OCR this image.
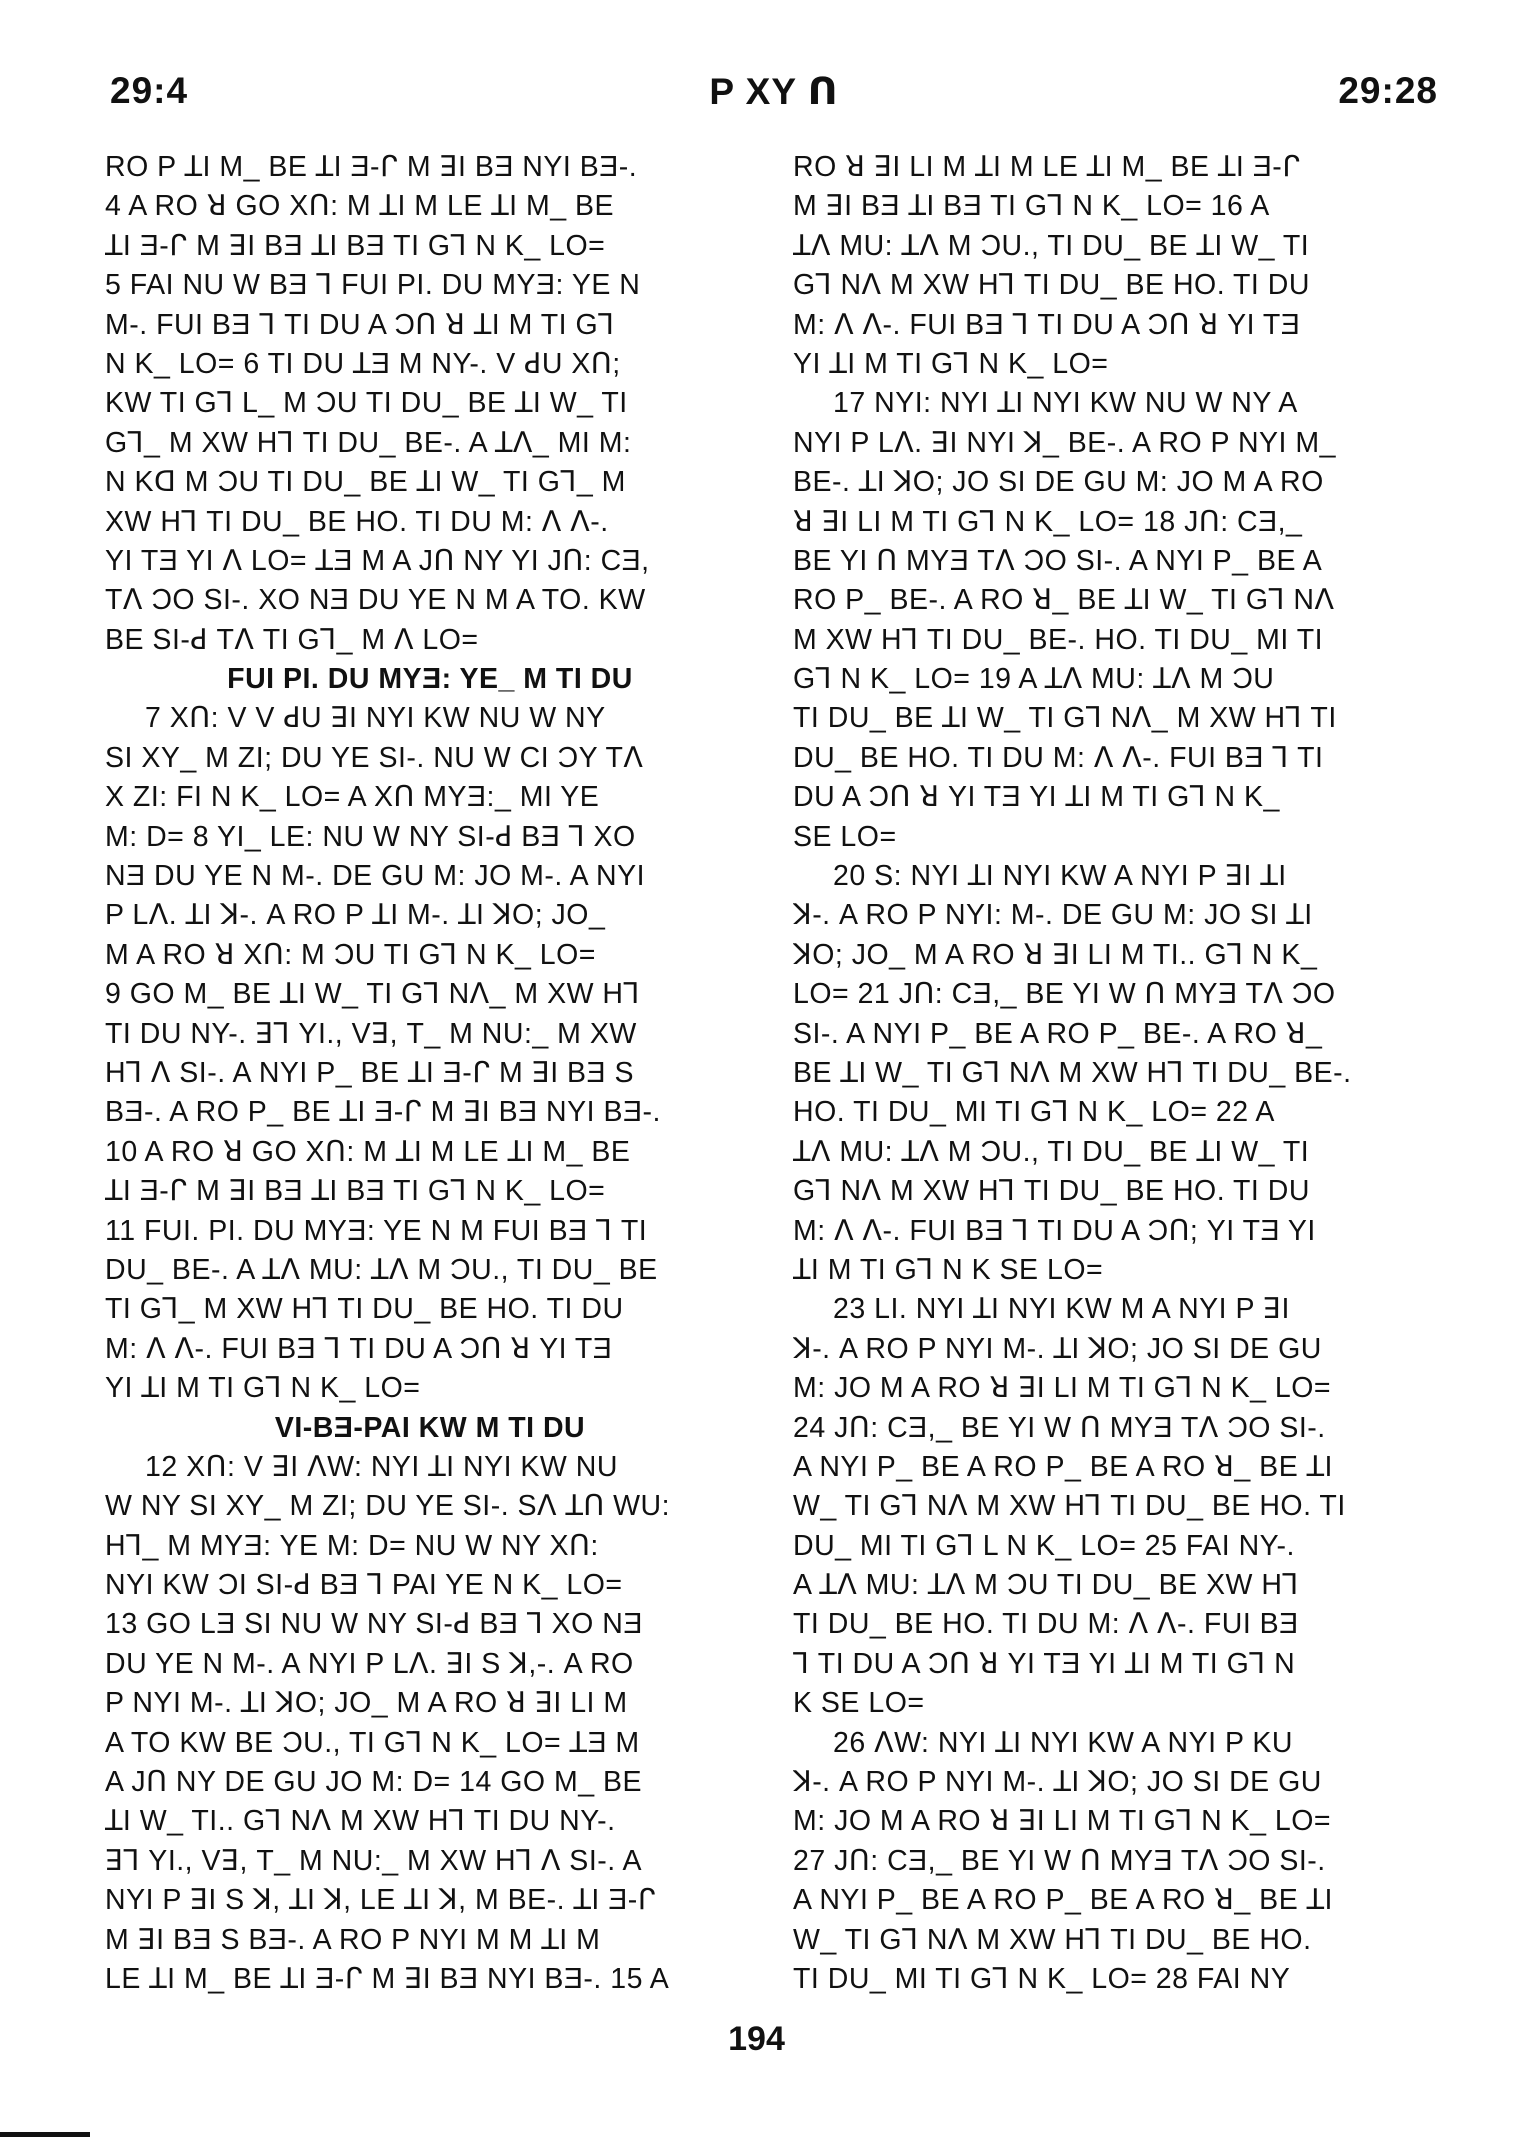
29:4	P XY ꓵ	29:28
RO P ꓕI M_ BE ꓕI Ǝ-ᒋ M ꓱI BƎ NYI BƎ-.
4 A RO ꓤ GO Xꓵ: M ꓕI M LE ꓕI M_ BE
ꓕI Ǝ-ᒋ M ꓱI BƎ ꓕI BƎ TI Gꓶ N K_ LO=
5 FAI NU W BƎ ꓶ FUI PI. DU MYƎ: YE N
M-. FUI BƎ ꓶ TI DU A Ɔꓵ ꓤ ꓕI M TI Gꓶ
N K_ LO= 6 TI DU ꓕƎ M NY-. V ꓒU Xꓵ;
KW TI Gꓶ L_ M ƆU TI DU_ BE ꓕI W_ TI
Gꓶ_ M XW Hꓶ TI DU_ BE-. A ꓕꓥ_ MI M:
N Kꓷ M ƆU TI DU_ BE ꓕI W_ TI Gꓶ_ M
XW Hꓶ TI DU_ BE HO. TI DU M: ꓥ ꓥ-.
YI TƎ YI ꓥ LO= ꓕƎ M A Jꓵ NY YI Jꓵ: CƎ,
Tꓥ ƆO SI-. XO NƎ DU YE N M A TO. KW
BE SI-ꓒ Tꓥ TI Gꓶ_ M ꓥ LO=
FUI PI. DU MYƎ: YE_ M TI DU
7 Xꓵ: V V ꓒU ꓱI NYI KW NU W NY
SI XY_ M ZI; DU YE SI-. NU W CI ƆY Tꓥ
X ZI: FI N K_ LO= A Xꓵ MYƎ:_ MI YE
M: D= 8 YI_ LE: NU W NY SI-ꓒ BƎ ꓶ XO
NƎ DU YE N M-. DE GU M: JO M-. A NYI
P Lꓥ. ꓕI ꓘ-. A RO P ꓕI M-. ꓕI ꓘO; JO_
M A RO ꓤ Xꓵ: M ƆU TI Gꓶ N K_ LO=
9 GO M_ BE ꓕI W_ TI Gꓶ Nꓥ_ M XW Hꓶ
TI DU NY-. ꓱꓶ YI., Vꓱ, T_ M NU:_ M XW
Hꓶ ꓥ SI-. A NYI P_ BE ꓕI Ǝ-ᒋ M ꓱI BƎ S
BƎ-. A RO P_ BE ꓕI Ǝ-ᒋ M ꓱI BƎ NYI BƎ-.
10 A RO ꓤ GO Xꓵ: M ꓕI M LE ꓕI M_ BE
ꓕI Ǝ-ᒋ M ꓱI BƎ ꓕI BƎ TI Gꓶ N K_ LO=
11 FUI. PI. DU MYƎ: YE N M FUI BƎ ꓶ TI
DU_ BE-. A ꓕꓥ MU: ꓕꓥ M ƆU., TI DU_ BE
TI Gꓶ_ M XW Hꓶ TI DU_ BE HO. TI DU
M: ꓥ ꓥ-. FUI BƎ ꓶ TI DU A Ɔꓵ ꓤ YI TƎ
YI ꓕI M TI Gꓶ N K_ LO=
VI-BƎ-PAI KW M TI DU
12 Xꓵ: V ꓱI ꓥW: NYI ꓕI NYI KW NU
W NY SI XY_ M ZI; DU YE SI-. Sꓥ ꓕꓵ WU:
Hꓶ_ M MYƎ: YE M: D= NU W NY Xꓵ:
NYI KW ƆI SI-ꓒ BƎ ꓶ PAI YE N K_ LO=
13 GO LƎ SI NU W NY SI-ꓒ BƎ ꓶ XO NƎ
DU YE N M-. A NYI P Lꓥ. ꓱI S ꓘ,-. A RO
P NYI M-. ꓕI ꓘO; JO_ M A RO ꓤ ꓱI LI M
A TO KW BE ƆU., TI Gꓶ N K_ LO= ꓕƎ M
A Jꓵ NY DE GU JO M: D= 14 GO M_ BE
ꓕI W_ TI.. Gꓶ Nꓥ M XW Hꓶ TI DU NY-.
ꓱꓶ YI., Vꓱ, T_ M NU:_ M XW Hꓶ ꓥ SI-. A
NYI P ꓱI S ꓘ, ꓕI ꓘ, LE ꓕI ꓘ, M BE-. ꓕI Ǝ-ᒋ
M ꓱI BƎ S BƎ-. A RO P NYI M M ꓕI M
LE ꓕI M_ BE ꓕI Ǝ-ᒋ M ꓱI BƎ NYI BƎ-. 15 A
RO ꓤ ꓱI LI M ꓕI M LE ꓕI M_ BE ꓕI Ǝ-ᒋ
M ꓱI BƎ ꓕI BƎ TI Gꓶ N K_ LO= 16 A
ꓕꓥ MU: ꓕꓥ M ƆU., TI DU_ BE ꓕI W_ TI
Gꓶ Nꓥ M XW Hꓶ TI DU_ BE HO. TI DU
M: ꓥ ꓥ-. FUI BƎ ꓶ TI DU A Ɔꓵ ꓤ YI TƎ
YI ꓕI M TI Gꓶ N K_ LO=
17 NYI: NYI ꓕI NYI KW NU W NY A
NYI P Lꓥ. ꓱI NYI ꓘ_ BE-. A RO P NYI M_
BE-. ꓕI ꓘO; JO SI DE GU M: JO M A RO
ꓤ ꓱI LI M TI Gꓶ N K_ LO= 18 Jꓵ: CƎ,_
BE YI ꓵ MYƎ Tꓥ ƆO SI-. A NYI P_ BE A
RO P_ BE-. A RO ꓤ_ BE ꓕI W_ TI Gꓶ Nꓥ
M XW Hꓶ TI DU_ BE-. HO. TI DU_ MI TI
Gꓶ N K_ LO= 19 A ꓕꓥ MU: ꓕꓥ M ƆU
TI DU_ BE ꓕI W_ TI Gꓶ Nꓥ_ M XW Hꓶ TI
DU_ BE HO. TI DU M: ꓥ ꓥ-. FUI BƎ ꓶ TI
DU A Ɔꓵ ꓤ YI TƎ YI ꓕI M TI Gꓶ N K_
SE LO=
20 S: NYI ꓕI NYI KW A NYI P ꓱI ꓕI
ꓘ-. A RO P NYI: M-. DE GU M: JO SI ꓕI
ꓘO; JO_ M A RO ꓤ ꓱI LI M TI.. Gꓶ N K_
LO= 21 Jꓵ: CƎ,_ BE YI W ꓵ MYƎ Tꓥ ƆO
SI-. A NYI P_ BE A RO P_ BE-. A RO ꓤ_
BE ꓕI W_ TI Gꓶ Nꓥ M XW Hꓶ TI DU_ BE-.
HO. TI DU_ MI TI Gꓶ N K_ LO= 22 A
ꓕꓥ MU: ꓕꓥ M ƆU., TI DU_ BE ꓕI W_ TI
Gꓶ Nꓥ M XW Hꓶ TI DU_ BE HO. TI DU
M: ꓥ ꓥ-. FUI BƎ ꓶ TI DU A Ɔꓵ; YI TƎ YI
ꓕI M TI Gꓶ N K SE LO=
23 LI. NYI ꓕI NYI KW M A NYI P ꓱI
ꓘ-. A RO P NYI M-. ꓕI ꓘO; JO SI DE GU
M: JO M A RO ꓤ ꓱI LI M TI Gꓶ N K_ LO=
24 Jꓵ: CƎ,_ BE YI W ꓵ MYƎ Tꓥ ƆO SI-.
A NYI P_ BE A RO P_ BE A RO ꓤ_ BE ꓕI
W_ TI Gꓶ Nꓥ M XW Hꓶ TI DU_ BE HO. TI
DU_ MI TI Gꓶ L N K_ LO= 25 FAI NY-.
A ꓕꓥ MU: ꓕꓥ M ƆU TI DU_ BE XW Hꓶ
TI DU_ BE HO. TI DU M: ꓥ ꓥ-. FUI BƎ
ꓶ TI DU A Ɔꓵ ꓤ YI TƎ YI ꓕI M TI Gꓶ N
K SE LO=
26 ꓥW: NYI ꓕI NYI KW A NYI P KU
ꓘ-. A RO P NYI M-. ꓕI ꓘO; JO SI DE GU
M: JO M A RO ꓤ ꓱI LI M TI Gꓶ N K_ LO=
27 Jꓵ: CƎ,_ BE YI W ꓵ MYƎ Tꓥ ƆO SI-.
A NYI P_ BE A RO P_ BE A RO ꓤ_ BE ꓕI
W_ TI Gꓶ Nꓥ M XW Hꓶ TI DU_ BE HO.
TI DU_ MI TI Gꓶ N K_ LO= 28 FAI NY
194
